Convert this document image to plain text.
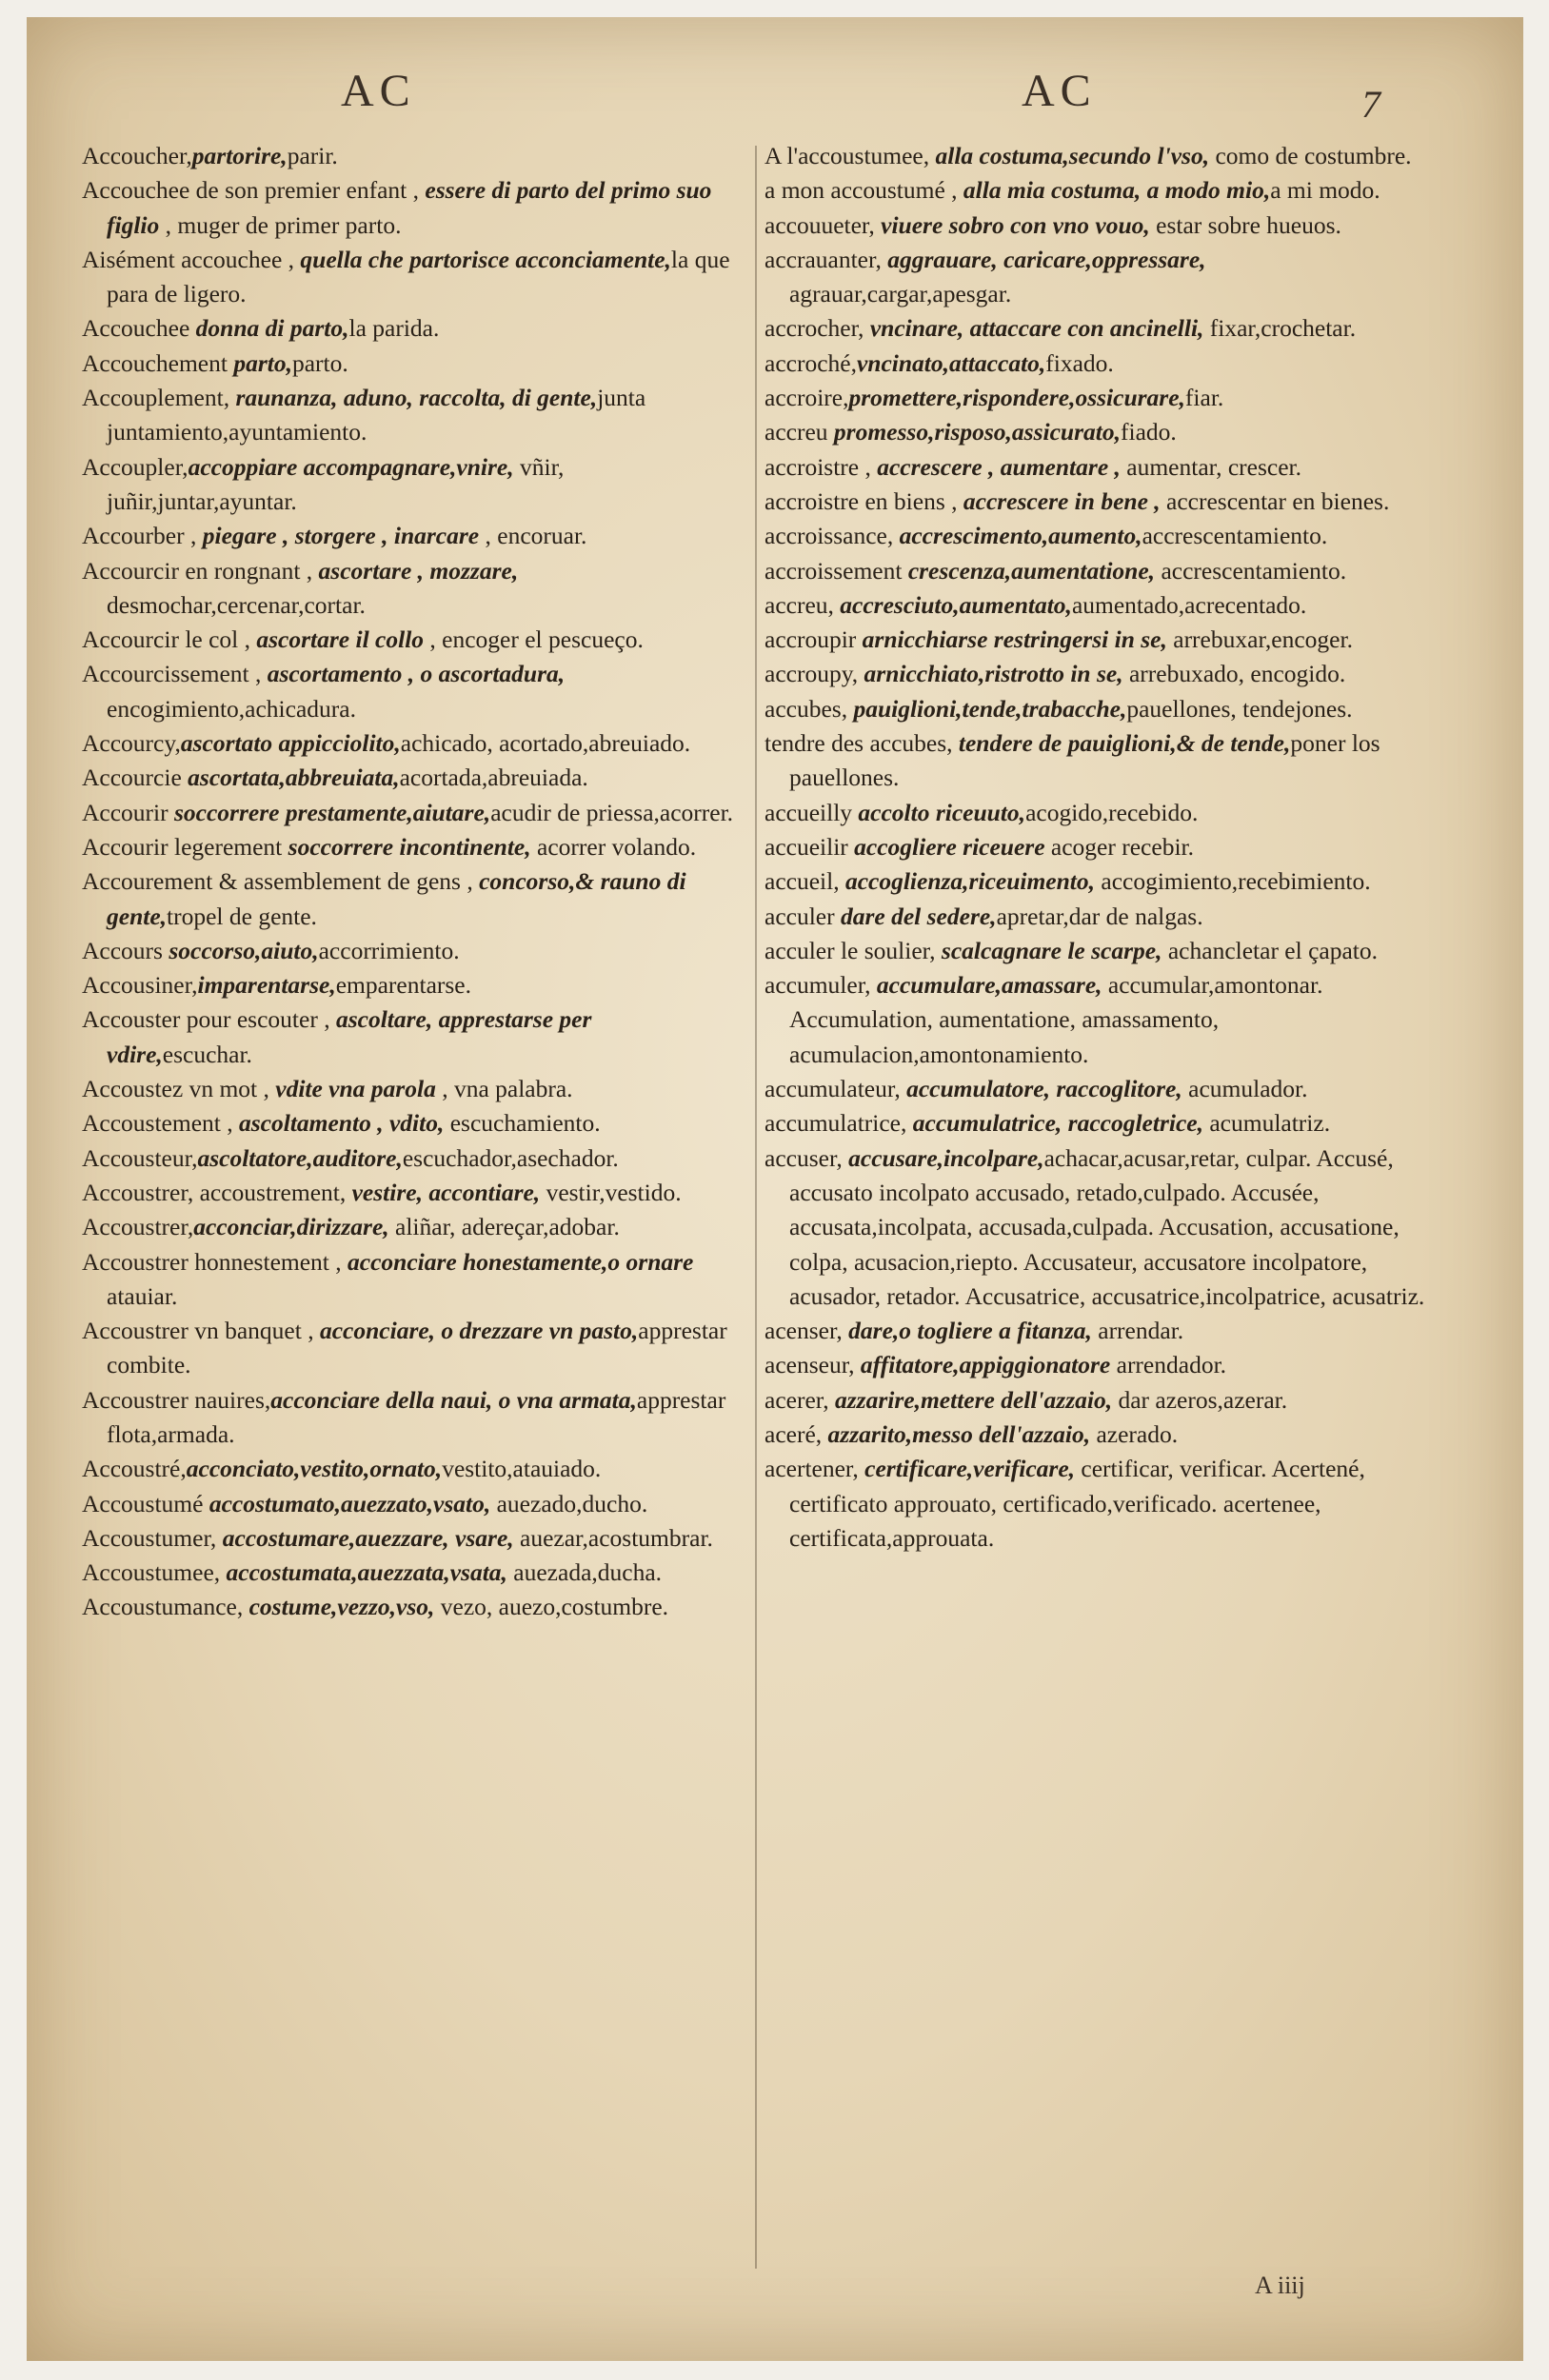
AC	AC	7
Accoucher,partorire,parir.
Accouchee de son premier enfant , essere di parto del primo suo figlio , muger de primer parto.
Aisément accouchee , quella che partorisce acconciamente,la que para de ligero.
Accouchee donna di parto,la parida.
Accouchement parto,parto.
Accouplement, raunanza, aduno, raccolta, di gente,junta juntamiento,ayuntamiento.
Accoupler,accoppiare accompagnare,vnire, vñir, juñir,juntar,ayuntar.
Accourber , piegare , storgere , inarcare , encoruar.
Accourcir en rongnant , ascortare , mozzare, desmochar,cercenar,cortar.
Accourcir le col , ascortare il collo , encoger el pescueço.
Accourcissement , ascortamento , o ascortadura, encogimiento,achicadura.
Accourcy,ascortato appicciolito,achicado, acortado,abreuiado.
Accourcie ascortata,abbreuiata,acortada,abreuiada.
Accourir soccorrere prestamente,aiutare,acudir de priessa,acorrer.
Accourir legerement soccorrere incontinente, acorrer volando.
Accourement & assemblement de gens , concorso,& rauno di gente,tropel de gente.
Accours soccorso,aiuto,accorrimiento.
Accousiner,imparentarse,emparentarse.
Accouster pour escouter , ascoltare, apprestarse per vdire,escuchar.
Accoustez vn mot , vdite vna parola , vna palabra.
Accoustement , ascoltamento , vdito, escuchamiento.
Accousteur,ascoltatore,auditore,escuchador,asechador.
Accoustrer, accoustrement, vestire, accontiare, vestir,vestido.
Accoustrer,acconciar,dirizzare, aliñar, adereçar,adobar.
Accoustrer honnestement , acconciare honestamente,o ornare atauiar.
Accoustrer vn banquet , acconciare, o drezzare vn pasto,apprestar combite.
Accoustrer nauires,acconciare della naui, o vna armata,apprestar flota,armada.
Accoustré,acconciato,vestito,ornato,vestito,atauiado.
Accoustumé accostumato,auezzato,vsato, auezado,ducho.
Accoustumer, accostumare,auezzare, vsare, auezar,acostumbrar.
Accoustumee, accostumata,auezzata,vsata, auezada,ducha.
Accoustumance, costume,vezzo,vso, vezo, auezo,costumbre.
A l'accoustumee, alla costuma,secundo l'vso, como de costumbre.
a mon accoustumé , alla mia costuma, a modo mio,a mi modo.
accouueter, viuere sobro con vno vouo, estar sobre hueuos.
accrauanter, aggrauare, caricare,oppressare, agrauar,cargar,apesgar.
accrocher, vncinare, attaccare con ancinelli, fixar,crochetar.
accroché,vncinato,attaccato,fixado.
accroire,promettere,rispondere,ossicurare,fiar.
accreu promesso,risposo,assicurato,fiado.
accroistre , accrescere , aumentare , aumentar, crescer.
accroistre en biens , accrescere in bene , accrescentar en bienes.
accroissance, accrescimento,aumento,accrescentamiento.
accroissement crescenza,aumentatione, accrescentamiento.
accreu, accresciuto,aumentato,aumentado,acrecentado.
accroupir arnicchiarse restringersi in se, arrebuxar,encoger.
accroupy, arnicchiato,ristrotto in se, arrebuxado, encogido.
accubes, pauiglioni,tende,trabacche,pauellones, tendejones.
tendre des accubes, tendere de pauiglioni,& de tende,poner los pauellones.
accueilly accolto riceuuto,acogido,recebido.
accueilir accogliere riceuere acoger recebir.
accueil, accoglienza,riceuimento, accogimiento,recebimiento.
acculer dare del sedere,apretar,dar de nalgas.
acculer le soulier, scalcagnare le scarpe, achancletar el çapato.
accumuler, accumulare,amassare, accumular,amontonar. Accumulation, aumentatione, amassamento, acumulacion,amontonamiento.
accumulateur, accumulatore, raccoglitore, acumulador.
accumulatrice, accumulatrice, raccogletrice, acumulatriz.
accuser, accusare,incolpare,achacar,acusar,retar, culpar. Accusé, accusato incolpato accusado, retado,culpado. Accusée, accusata,incolpata, accusada,culpada. Accusation, accusatione, colpa, acusacion,riepto. Accusateur, accusatore incolpatore, acusador, retador. Accusatrice, accusatrice,incolpatrice, acusatriz.
acenser, dare,o togliere a fitanza, arrendar.
acenseur, affitatore,appiggionatore arrendador.
acerer, azzarire,mettere dell'azzaio, dar azeros,azerar.
aceré, azzarito,messo dell'azzaio, azerado.
acertener, certificare,verificare, certificar, verificar. Acertené, certificato approuato, certificado,verificado. acertenee, certificata,approuata.
A iiij
